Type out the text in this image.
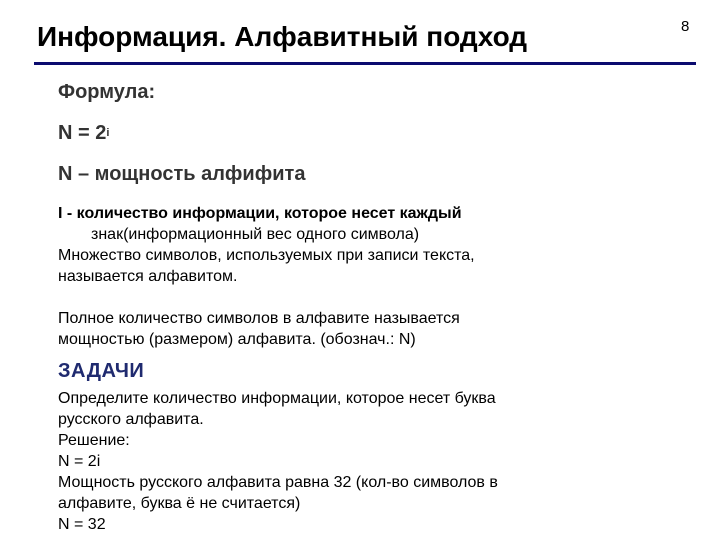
Информация. Алфавитный подход	8
Формула:
$N = 2^i$
N – мощность алфифита
I - количество информации, которое несет каждый
знак(информационный вес одного символа)
Множество символов, используемых при записи текста,
называется алфавитом.
Полное количество символов в алфавите называется
мощностью (размером) алфавита. (обознач.: N)
ЗАДАЧИ
Определите количество информации, которое несет буква
русского алфавита.
Решение:
N = 2i
Мощность русского алфавита равна 32 (кол-во символов в
алфавите, буква ё не считается)
N = 32
